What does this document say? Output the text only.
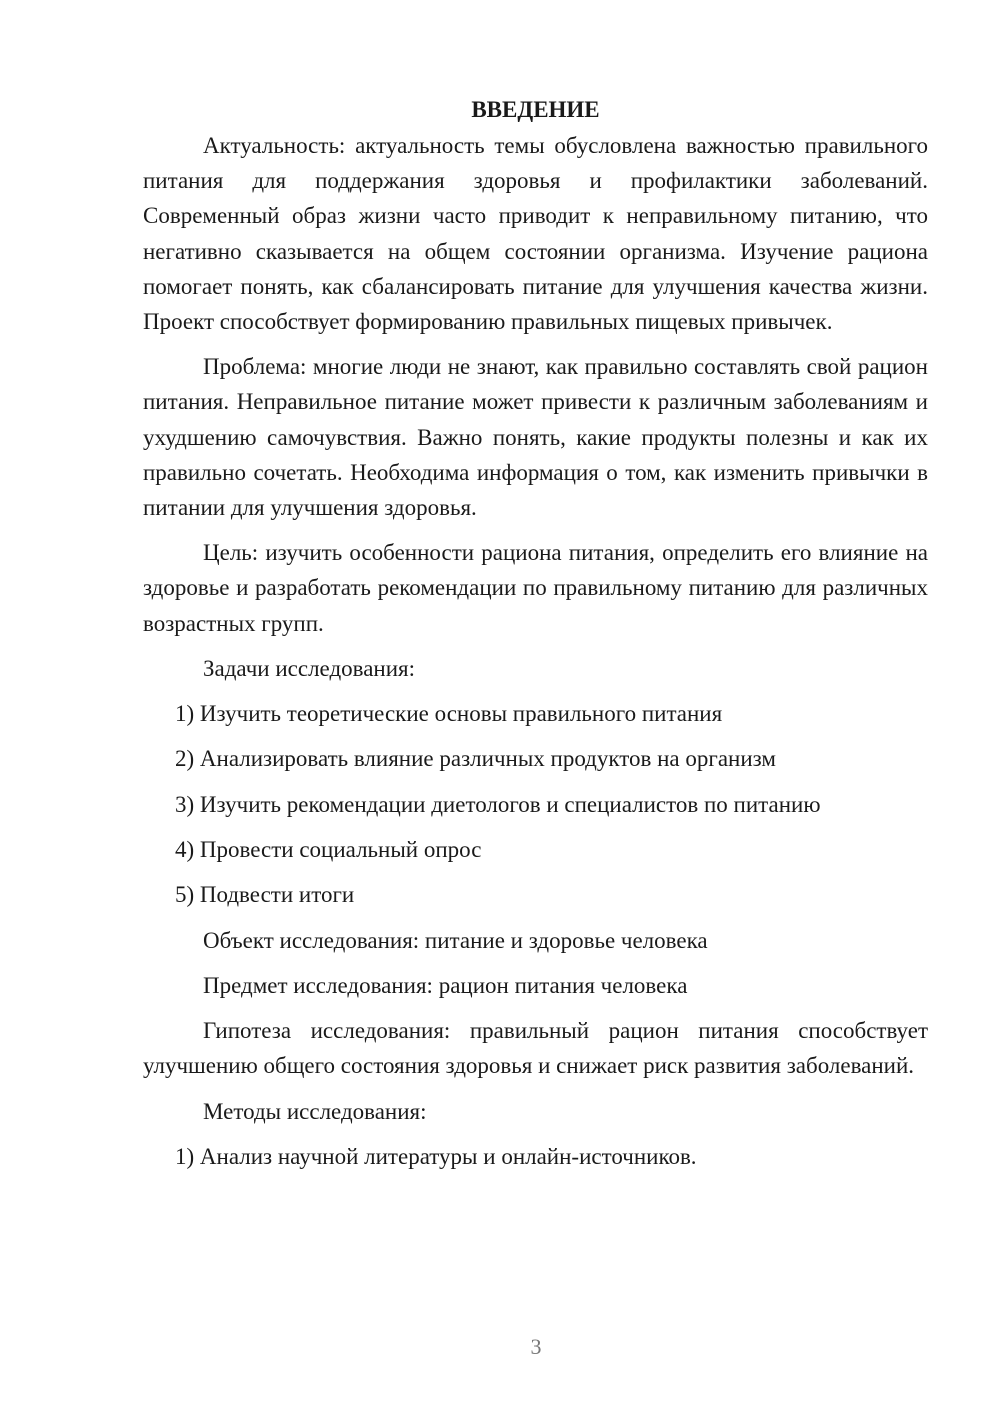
ВВЕДЕНИЕ

Актуальность: актуальность темы обусловлена важностью правильного питания для поддержания здоровья и профилактики заболеваний. Современный образ жизни часто приводит к неправильному питанию, что негативно сказывается на общем состоянии организма. Изучение рациона помогает понять, как сбалансировать питание для улучшения качества жизни. Проект способствует формированию правильных пищевых привычек.

Проблема: многие люди не знают, как правильно составлять свой рацион питания. Неправильное питание может привести к различным заболеваниям и ухудшению самочувствия. Важно понять, какие продукты полезны и как их правильно сочетать. Необходима информация о том, как изменить привычки в питании для улучшения здоровья.

Цель: изучить особенности рациона питания, определить его влияние на здоровье и разработать рекомендации по правильному питанию для различных возрастных групп.

Задачи исследования:
1) Изучить теоретические основы правильного питания
2) Анализировать влияние различных продуктов на организм
3) Изучить рекомендации диетологов и специалистов по питанию
4) Провести социальный опрос
5) Подвести итоги
Объект исследования: питание и здоровье человека
Предмет исследования: рацион питания человека

Гипотеза исследования: правильный рацион питания способствует улучшению общего состояния здоровья и снижает риск развития заболеваний.

Методы исследования:
1) Анализ научной литературы и онлайн-источников.
3
